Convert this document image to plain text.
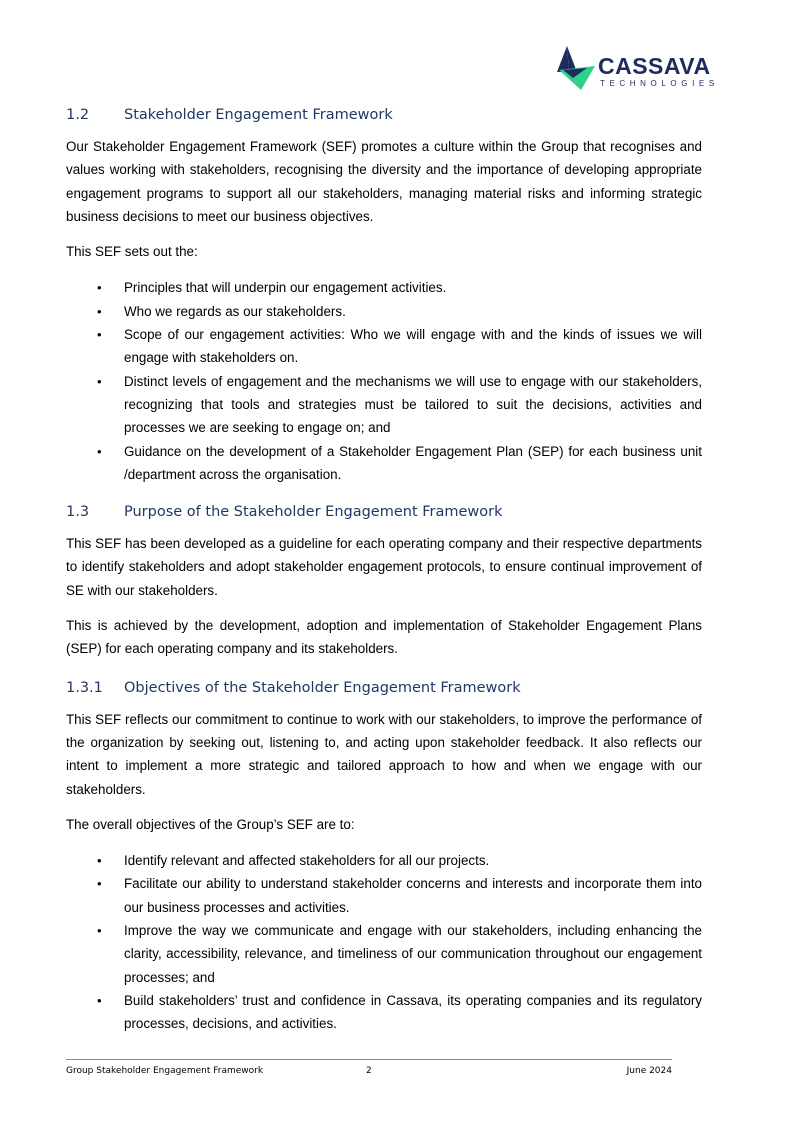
CASSAVA
TECHNOLOGIES
1.2	Stakeholder Engagement Framework

Our Stakeholder Engagement Framework (SEF) promotes a culture within the Group that recognises and values working with stakeholders, recognising the diversity and the importance of developing appropriate engagement programs to support all our stakeholders, managing material risks and informing strategic business decisions to meet our business objectives.

This SEF sets out the:

• Principles that will underpin our engagement activities.
• Who we regards as our stakeholders.
• Scope of our engagement activities: Who we will engage with and the kinds of issues we will engage with stakeholders on.
• Distinct levels of engagement and the mechanisms we will use to engage with our stakeholders, recognizing that tools and strategies must be tailored to suit the decisions, activities and processes we are seeking to engage on; and
• Guidance on the development of a Stakeholder Engagement Plan (SEP) for each business unit /department across the organisation.
1.3	Purpose of the Stakeholder Engagement Framework

This SEF has been developed as a guideline for each operating company and their respective departments to identify stakeholders and adopt stakeholder engagement protocols, to ensure continual improvement of SE with our stakeholders.

This is achieved by the development, adoption and implementation of Stakeholder Engagement Plans (SEP) for each operating company and its stakeholders.

1.3.1	Objectives of the Stakeholder Engagement Framework

This SEF reflects our commitment to continue to work with our stakeholders, to improve the performance of the organization by seeking out, listening to, and acting upon stakeholder feedback. It also reflects our intent to implement a more strategic and tailored approach to how and when we engage with our stakeholders.

The overall objectives of the Group’s SEF are to:

• Identify relevant and affected stakeholders for all our projects.
• Facilitate our ability to understand stakeholder concerns and interests and incorporate them into our business processes and activities.
• Improve the way we communicate and engage with our stakeholders, including enhancing the clarity, accessibility, relevance, and timeliness of our communication throughout our engagement processes; and
• Build stakeholders’ trust and confidence in Cassava, its operating companies and its regulatory processes, decisions, and activities.
Group Stakeholder Engagement Framework	2	June 2024
